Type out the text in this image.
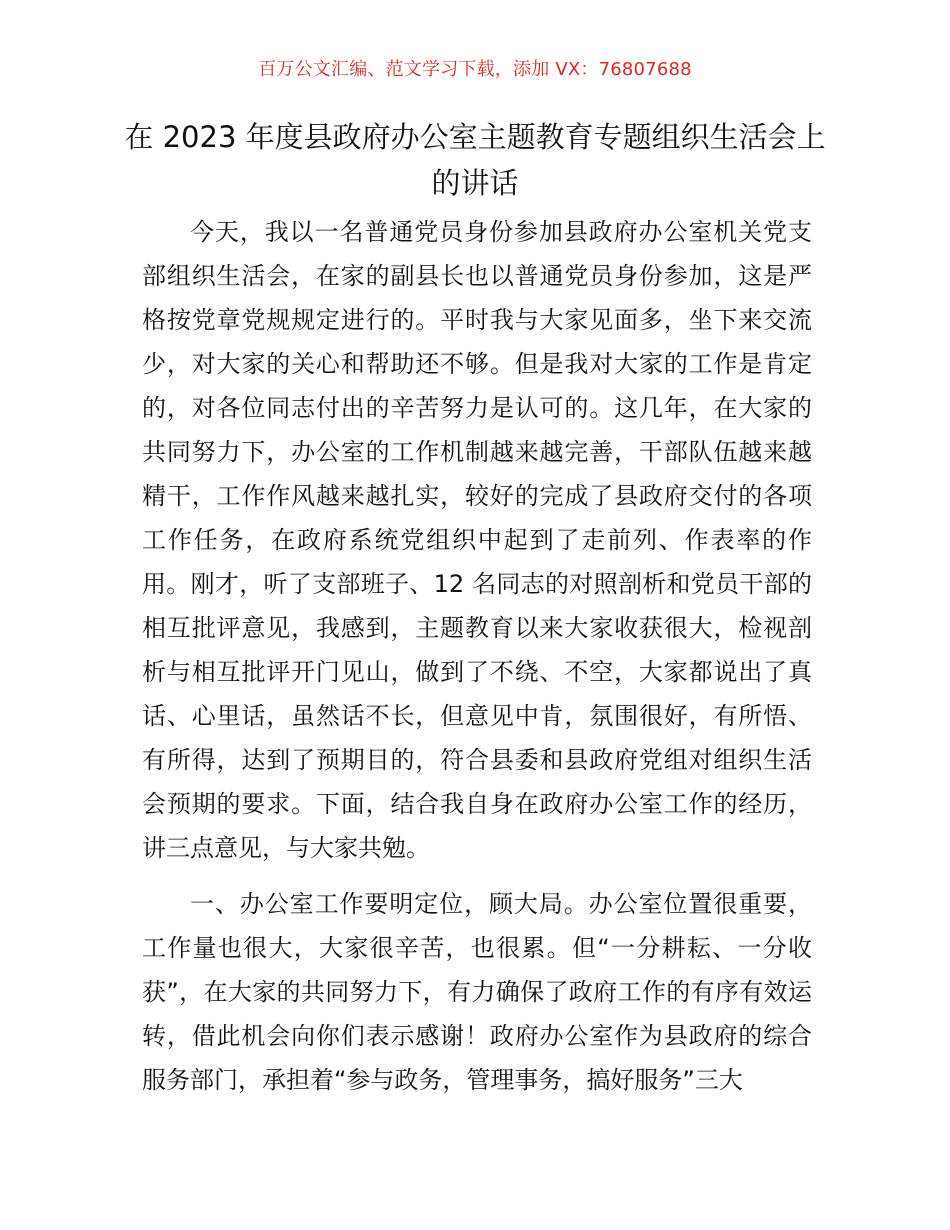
百万公文汇编、范文学习下载，添加 VX：76807688
在 2023 年度县政府办公室主题教育专题组织生活会上的讲话

今天，我以一名普通党员身份参加县政府办公室机关党支部组织生活会，在家的副县长也以普通党员身份参加，这是严格按党章党规规定进行的。平时我与大家见面多，坐下来交流少，对大家的关心和帮助还不够。但是我对大家的工作是肯定的，对各位同志付出的辛苦努力是认可的。这几年，在大家的共同努力下，办公室的工作机制越来越完善，干部队伍越来越精干，工作作风越来越扎实，较好的完成了县政府交付的各项工作任务，在政府系统党组织中起到了走前列、作表率的作用。刚才，听了支部班子、12 名同志的对照剖析和党员干部的相互批评意见，我感到，主题教育以来大家收获很大，检视剖析与相互批评开门见山，做到了不绕、不空，大家都说出了真话、心里话，虽然话不长，但意见中肯，氛围很好，有所悟、有所得，达到了预期目的，符合县委和县政府党组对组织生活会预期的要求。下面，结合我自身在政府办公室工作的经历，讲三点意见，与大家共勉。

一、办公室工作要明定位，顾大局。办公室位置很重要，工作量也很大，大家很辛苦，也很累。但“一分耕耘、一分收获”，在大家的共同努力下，有力确保了政府工作的有序有效运转，借此机会向你们表示感谢！政府办公室作为县政府的综合服务部门，承担着“参与政务，管理事务，搞好服务”三大
